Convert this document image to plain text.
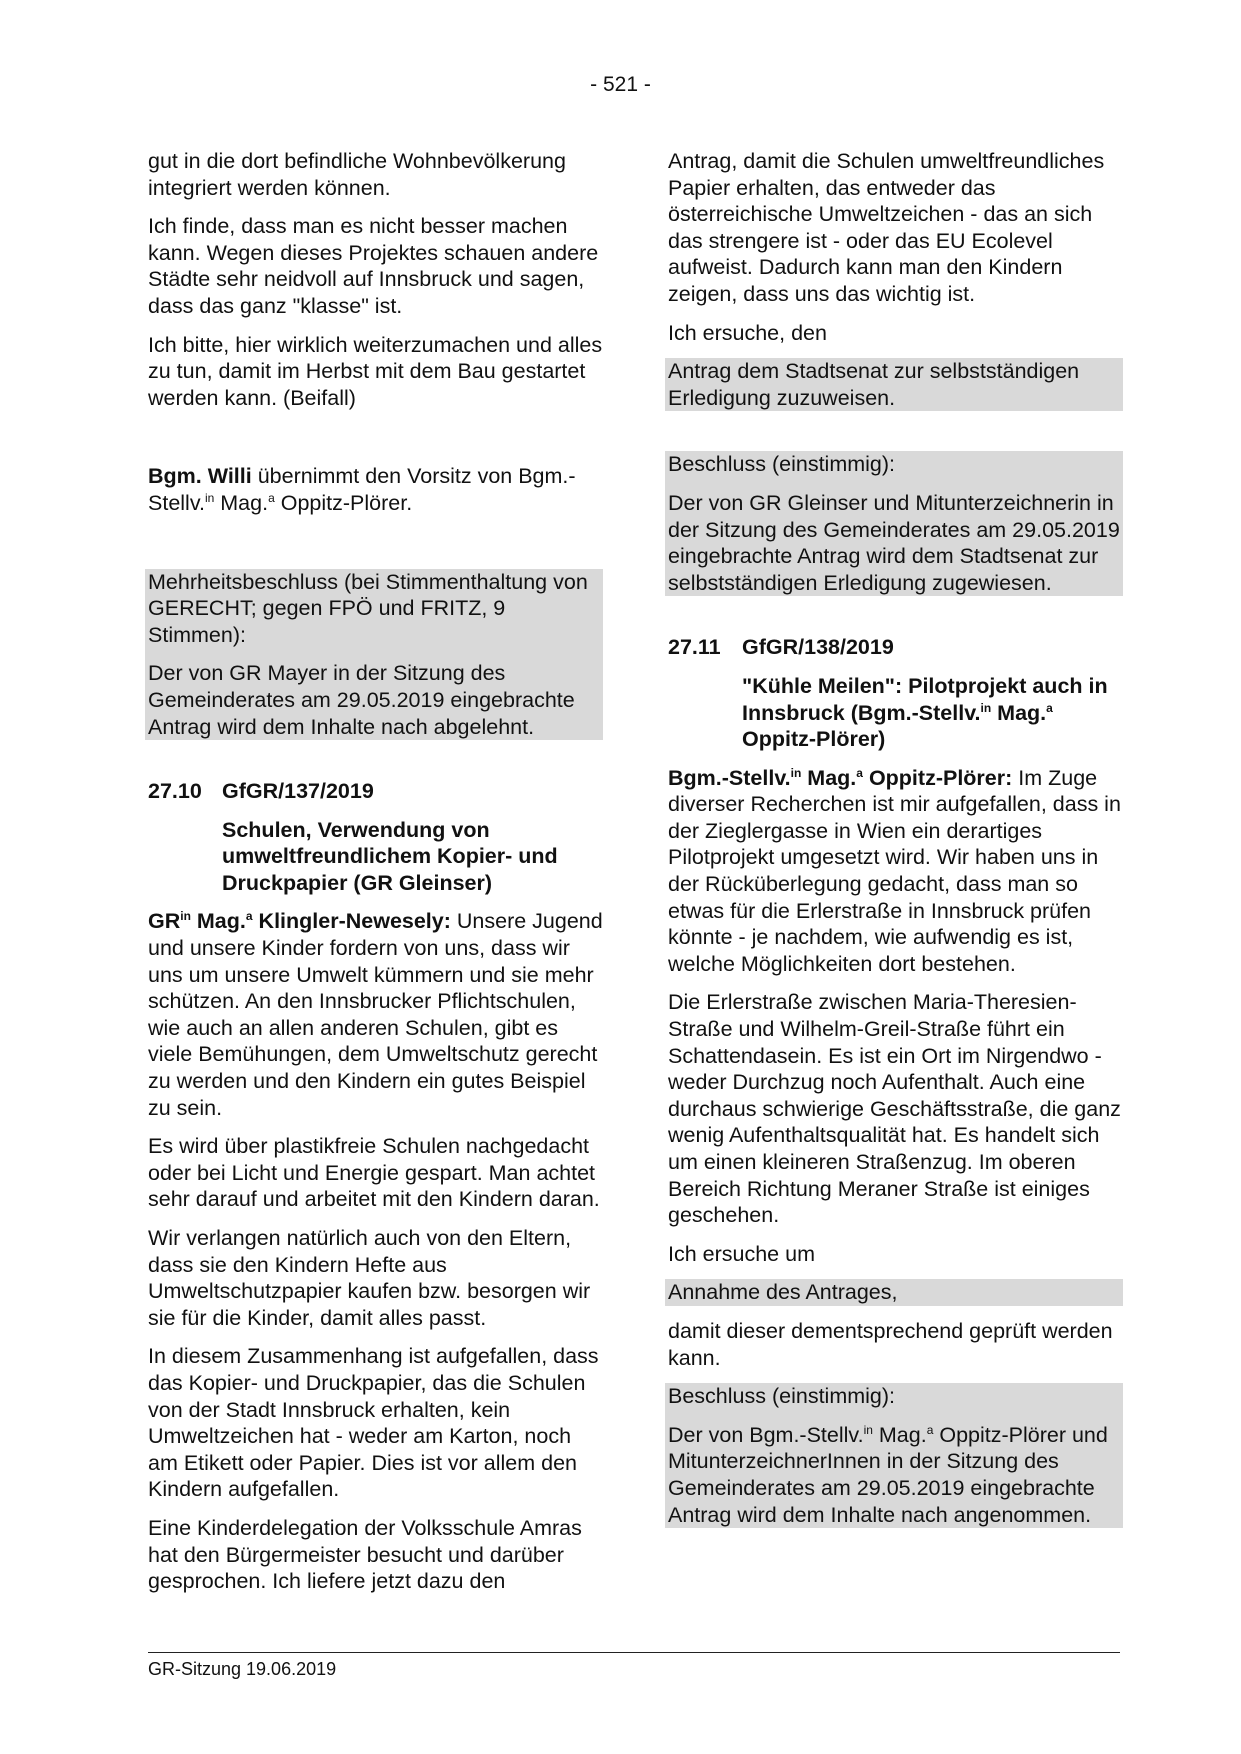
- 521 -

gut in die dort befindliche Wohnbevölkerung integriert werden können.

Ich finde, dass man es nicht besser machen kann. Wegen dieses Projektes schauen andere Städte sehr neidvoll auf Innsbruck und sagen, dass das ganz "klasse" ist.

Ich bitte, hier wirklich weiterzumachen und alles zu tun, damit im Herbst mit dem Bau gestartet werden kann. (Beifall)

Bgm. Willi übernimmt den Vorsitz von Bgm.-Stellv.$^{in}$ Mag.$^a$ Oppitz-Plörer.

Mehrheitsbeschluss (bei Stimmenthaltung von GERECHT; gegen FPÖ und FRITZ, 9 Stimmen):

Der von GR Mayer in der Sitzung des Gemeinderates am 29.05.2019 eingebrachte Antrag wird dem Inhalte nach abgelehnt.

27.10 GfGR/137/2019

Schulen, Verwendung von umweltfreundlichem Kopier- und Druckpapier (GR Gleinser)

$GR^{in}$ Mag.$^a$ Klingler-Newesely: Unsere Jugend und unsere Kinder fordern von uns, dass wir uns um unsere Umwelt kümmern und sie mehr schützen. An den Innsbrucker Pflichtschulen, wie auch an allen anderen Schulen, gibt es viele Bemühungen, dem Umweltschutz gerecht zu werden und den Kindern ein gutes Beispiel zu sein.

Es wird über plastikfreie Schulen nachgedacht oder bei Licht und Energie gespart. Man achtet sehr darauf und arbeitet mit den Kindern daran.

Wir verlangen natürlich auch von den Eltern, dass sie den Kindern Hefte aus Umweltschutzpapier kaufen bzw. besorgen wir sie für die Kinder, damit alles passt.

In diesem Zusammenhang ist aufgefallen, dass das Kopier- und Druckpapier, das die Schulen von der Stadt Innsbruck erhalten, kein Umweltzeichen hat - weder am Karton, noch am Etikett oder Papier. Dies ist vor allem den Kindern aufgefallen.

Eine Kinderdelegation der Volksschule Amras hat den Bürgermeister besucht und darüber gesprochen. Ich liefere jetzt dazu den

Antrag, damit die Schulen umweltfreundliches Papier erhalten, das entweder das österreichische Umweltzeichen - das an sich das strengere ist - oder das EU Ecolevel aufweist. Dadurch kann man den Kindern zeigen, dass uns das wichtig ist.

Ich ersuche, den

Antrag dem Stadtsenat zur selbstständigen Erledigung zuzuweisen.

Beschluss (einstimmig):

Der von GR Gleinser und Mitunterzeichnerin in der Sitzung des Gemeinderates am 29.05.2019 eingebrachte Antrag wird dem Stadtsenat zur selbstständigen Erledigung zugewiesen.

27.11 GfGR/138/2019

"Kühle Meilen": Pilotprojekt auch in Innsbruck (Bgm.-Stellv.$^{in}$ Mag.$^a$ Oppitz-Plörer)

Bgm.-Stellv.$^{in}$ Mag.$^a$ Oppitz-Plörer: Im Zuge diverser Recherchen ist mir aufgefallen, dass in der Zieglergasse in Wien ein derartiges Pilotprojekt umgesetzt wird. Wir haben uns in der Rücküberlegung gedacht, dass man so etwas für die Erlerstraße in Innsbruck prüfen könnte - je nachdem, wie aufwendig es ist, welche Möglichkeiten dort bestehen.

Die Erlerstraße zwischen Maria-Theresien-Straße und Wilhelm-Greil-Straße führt ein Schattendasein. Es ist ein Ort im Nirgendwo - weder Durchzug noch Aufenthalt. Auch eine durchaus schwierige Geschäftsstraße, die ganz wenig Aufenthaltsqualität hat. Es handelt sich um einen kleineren Straßenzug. Im oberen Bereich Richtung Meraner Straße ist einiges geschehen.

Ich ersuche um

Annahme des Antrages,

damit dieser dementsprechend geprüft werden kann.

Beschluss (einstimmig):

Der von Bgm.-Stellv.$^{in}$ Mag.$^a$ Oppitz-Plörer und MitunterzeichnerInnen in der Sitzung des Gemeinderates am 29.05.2019 eingebrachte Antrag wird dem Inhalte nach angenommen.

GR-Sitzung 19.06.2019
